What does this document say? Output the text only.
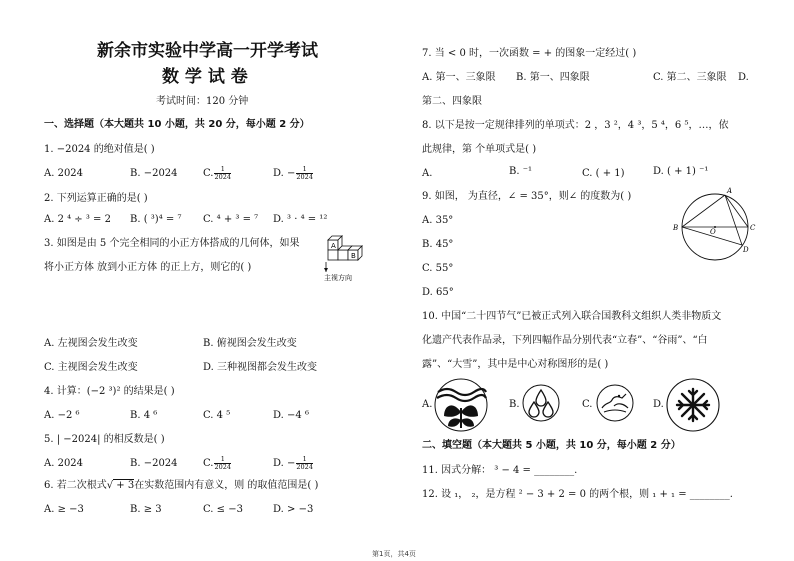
新余市实验中学高一开学考试
数 学 试 卷
考试时间：120 分钟
一、选择题（本大题共 10 小题，共 20 分，每小题 2 分）
1. −2024 的绝对值是( )
A. 2024	B. −2024	C. $\frac{1}{2024}$	D. − $\frac{1}{2024}$
2. 下列运算正确的是( )
A. 2 ⁴ ÷ ³ = 2 B. ( ³)⁴ = ⁷ C. ⁴ + ³ = ⁷ D. ³ · ⁴ = ¹²
3. 如图是由 5 个完全相同的小正方体搭成的几何体，如果
将小正方体 放到小正方体 的正上方，则它的( )
A
B
主视方向
A. 左视图会发生改变	B. 俯视图会发生改变
C. 主视图会发生改变	D. 三种视图都会发生改变
4. 计算：(−2 ³)² 的结果是( )
A. −2 ⁶	B. 4 ⁶	C. 4 ⁵	D. −4 ⁶
5. | −2024| 的相反数是( )
A. 2024	B. −2024	C. $\frac{1}{2024}$	D. − $\frac{1}{2024}$
6. 若二次根式√ + 3在实数范围内有意义，则 的取值范围是( )
A. ≥ −3	B. ≥ 3	C. ≤ −3	D. > −3
7. 当 < 0 时，一次函数 = + 的图象一定经过( )
A. 第一、三象限 B. 第一、四象限	C. 第二、三象限 D.
第二、四象限
8. 以下是按一定规律排列的单项式：2 ，3 ²，4 ³，5 ⁴，6 ⁵，…，依
此规律，第 个单项式是( )
A.	B. ⁻¹	C. ( + 1)	D. ( + 1) ⁻¹
9. 如图， 为直径，∠ = 35°，则∠ 的度数为( )
A. 35°
B. 45°
C. 55°
D. 65°
A
B	O	C
D
10. 中国“二十四节气”已被正式列入联合国教科文组织人类非物质文
化遗产代表作品录，下列四幅作品分别代表“立春”、“谷雨”、“白
露”、“大雪”，其中是中心对称图形的是( )
A.	B.	C.	D.
二、填空题（本大题共 5 小题，共 10 分，每小题 2 分）
11. 因式分解： ³ − 4 = ________.
12. 设 ₁， ₂，是方程 ² − 3 + 2 = 0 的两个根，则 ₁ + ₁ = ________.
第1页，共4页
